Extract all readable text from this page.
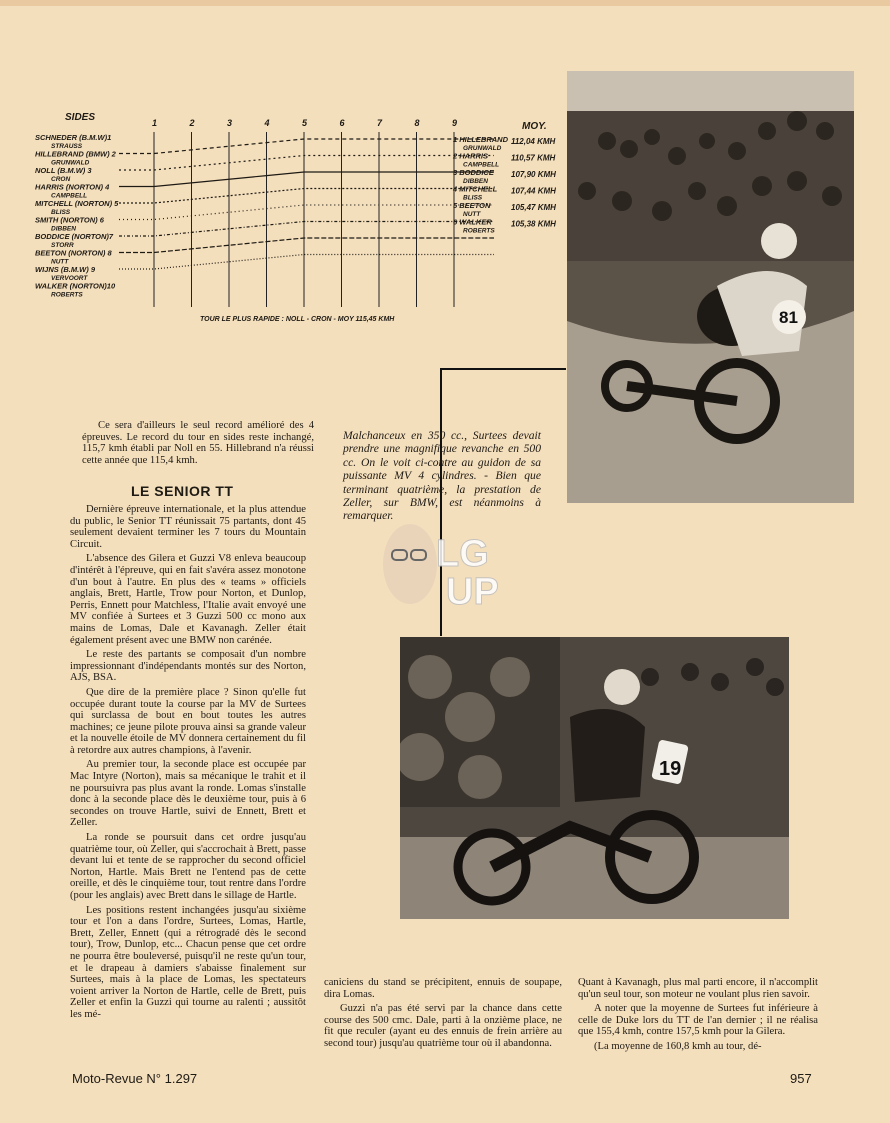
SIDES
MOY.
TOUR LE PLUS RAPIDE : NOLL - CRON - MOY 115,45 KMH
SCHNEDER (B.M.W)1
STRAUSS
HILLEBRAND (BMW) 2
GRUNWALD
NOLL (B.M.W) 3
CRON
HARRIS (NORTON) 4
CAMPBELL
MITCHELL (NORTON) 5
BLISS
SMITH (NORTON) 6
DIBBEN
BODDICE (NORTON)7
STORR
BEETON (NORTON) 8
NUTT
WIJNS (B.M.W) 9
VERVOORT
WALKER (NORTON)10
ROBERTS
1 HILLEBRAND
GRUNWALD
112,04 KMH
2 HARRIS
CAMPBELL
110,57 KMH
3 BODDICE
DIBBEN
107,90 KMH
4 MITCHELL
BLISS
107,44 KMH
5 BEETON
NUTT
105,47 KMH
6 WALKER
ROBERTS
105,38 KMH
1	2	3	4	5	6	7	8	9
81
Malchanceux en 350 cc., Surtees devait prendre une magnifique revanche en 500 cc. On le voit ci-contre au guidon de sa puissante MV 4 cylindres. - Bien que terminant quatrième, la prestation de Zeller, sur BMW, est néanmoins à remarquer.
LG
UP
19

Ce sera d'ailleurs le seul record amélioré des 4 épreuves. Le record du tour en sides reste inchangé, 115,7 kmh établi par Noll en 55. Hillebrand n'a réussi cette année que 115,4 kmh.

LE SENIOR TT

Dernière épreuve internationale, et la plus attendue du public, le Senior TT réunissait 75 partants, dont 45 seulement devaient terminer les 7 tours du Mountain Circuit.

L'absence des Gilera et Guzzi V8 enleva beaucoup d'intérêt à l'épreuve, qui en fait s'avéra assez monotone d'un bout à l'autre. En plus des « teams » officiels anglais, Brett, Hartle, Trow pour Norton, et Dunlop, Perris, Ennett pour Matchless, l'Italie avait envoyé une MV confiée à Surtees et 3 Guzzi 500 cc mono aux mains de Lomas, Dale et Kavanagh. Zeller était également présent avec une BMW non carénée.

Le reste des partants se composait d'un nombre impressionnant d'indépendants montés sur des Norton, AJS, BSA.

Que dire de la première place ? Sinon qu'elle fut occupée durant toute la course par la MV de Surtees qui surclassa de bout en bout toutes les autres machines; ce jeune pilote prouva ainsi sa grande valeur et la nouvelle étoile de MV donnera certainement du fil à retordre aux autres champions, à l'avenir.

Au premier tour, la seconde place est occupée par Mac Intyre (Norton), mais sa mécanique le trahit et il ne poursuivra pas plus avant la ronde. Lomas s'installe donc à la seconde place dès le deuxième tour, puis à 6 secondes on trouve Hartle, suivi de Ennett, Brett et Zeller.

La ronde se poursuit dans cet ordre jusqu'au quatrième tour, où Zeller, qui s'accrochait à Brett, passe devant lui et tente de se rapprocher du second officiel Norton, Hartle. Mais Brett ne l'entend pas de cette oreille, et dès le cinquième tour, tout rentre dans l'ordre (pour les anglais) avec Brett dans le sillage de Hartle.

Les positions restent inchangées jusqu'au sixième tour et l'on a dans l'ordre, Surtees, Lomas, Hartle, Brett, Zeller, Ennett (qui a rétrogradé dès le second tour), Trow, Dunlop, etc... Chacun pense que cet ordre ne pourra être bouleversé, puisqu'il ne reste qu'un tour, et le drapeau à damiers s'abaisse finalement sur Surtees, mais à la place de Lomas, les spectateurs voient arriver la Norton de Hartle, celle de Brett, puis Zeller et enfin la Guzzi qui tourne au ralenti ; aussitôt les mé-

caniciens du stand se précipitent, ennuis de soupape, dira Lomas.

Guzzi n'a pas été servi par la chance dans cette course des 500 cmc. Dale, parti à la onzième place, ne fit que reculer (ayant eu des ennuis de frein arrière au second tour) jusqu'au quatrième tour où il abandonna.

Quant à Kavanagh, plus mal parti encore, il n'accomplit qu'un seul tour, son moteur ne voulant plus rien savoir.

A noter que la moyenne de Surtees fut inférieure à celle de Duke lors du TT de l'an dernier ; il ne réalisa que 155,4 kmh, contre 157,5 kmh pour la Gilera.

(La moyenne de 160,8 kmh au tour, dé-

Moto-Revue N° 1.297	957
